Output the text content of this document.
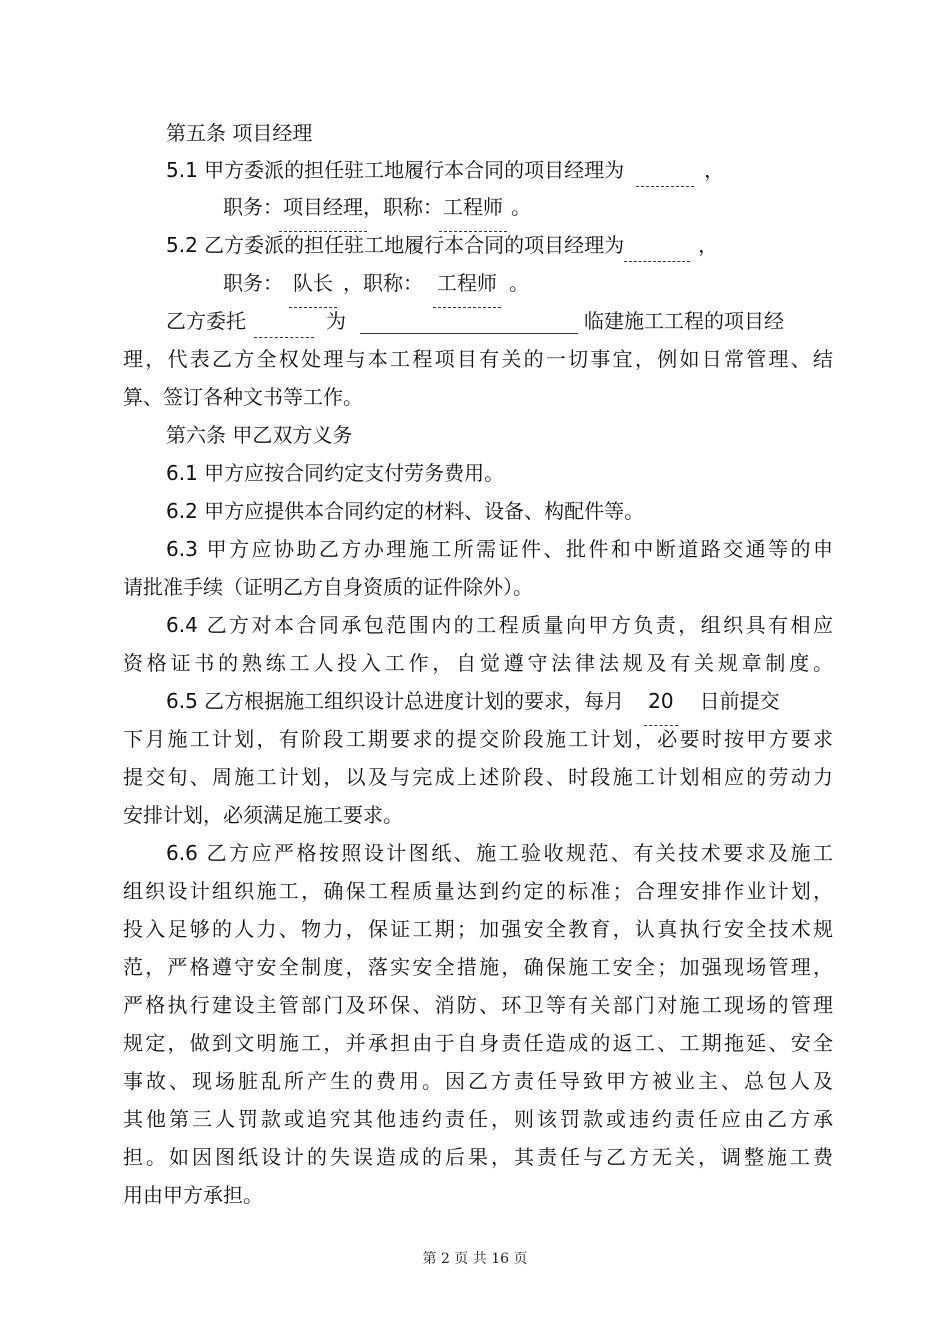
第五条 项目经理
5.1 甲方委派的担任驻工地履行本合同的项目经理为	，
职务：项目经理，职称：工程师 。
5.2 乙方委派的担任驻工地履行本合同的项目经理为	，
职务： 队长 ，职称： 工程师 。
乙方委托	为	临建施工工程的项目经
理，代表乙方全权处理与本工程项目有关的一切事宜，例如日常管理、结
算、签订各种文书等工作。
第六条 甲乙双方义务
6.1 甲方应按合同约定支付劳务费用。
6.2 甲方应提供本合同约定的材料、设备、构配件等。
6.3 甲方应协助乙方办理施工所需证件、批件和中断道路交通等的申
请批准手续（证明乙方自身资质的证件除外）。
6.4 乙方对本合同承包范围内的工程质量向甲方负责，组织具有相应
资格证书的熟练工人投入工作，自觉遵守法律法规及有关规章制度。
6.5 乙方根据施工组织设计总进度计划的要求，每月 20 日前提交
下月施工计划，有阶段工期要求的提交阶段施工计划，必要时按甲方要求
提交旬、周施工计划，以及与完成上述阶段、时段施工计划相应的劳动力
安排计划，必须满足施工要求。
6.6 乙方应严格按照设计图纸、施工验收规范、有关技术要求及施工
组织设计组织施工，确保工程质量达到约定的标准；合理安排作业计划，
投入足够的人力、物力，保证工期；加强安全教育，认真执行安全技术规
范，严格遵守安全制度，落实安全措施，确保施工安全；加强现场管理，
严格执行建设主管部门及环保、消防、环卫等有关部门对施工现场的管理
规定，做到文明施工，并承担由于自身责任造成的返工、工期拖延、安全
事故、现场脏乱所产生的费用。因乙方责任导致甲方被业主、总包人及
其他第三人罚款或追究其他违约责任，则该罚款或违约责任应由乙方承
担。如因图纸设计的失误造成的后果，其责任与乙方无关，调整施工费
用由甲方承担。
第 2 页 共 16 页
